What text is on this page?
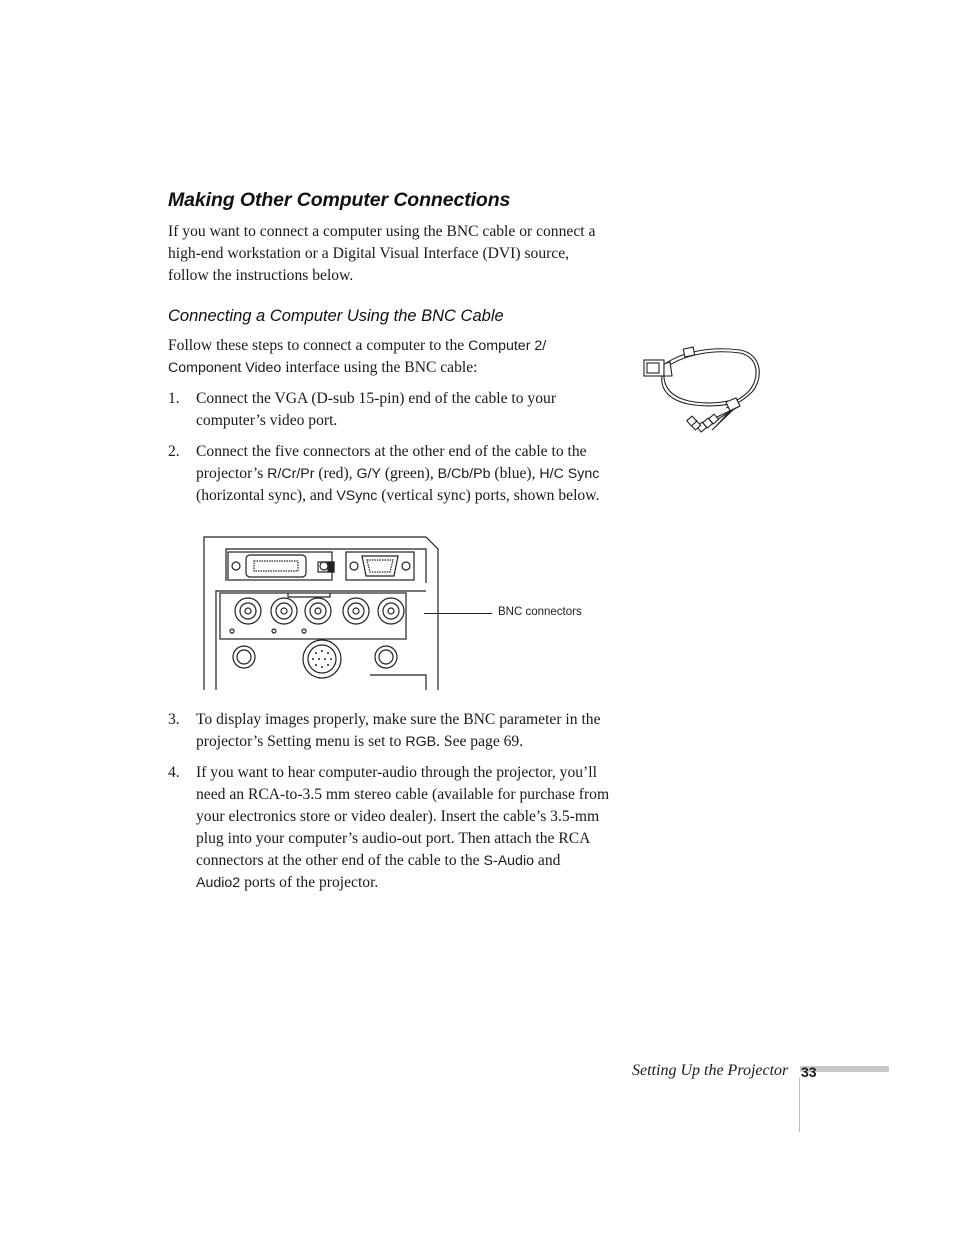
Making Other Computer Connections
If you want to connect a computer using the BNC cable or connect a
high-end workstation or a Digital Visual Interface (DVI) source,
follow the instructions below.
Connecting a Computer Using the BNC Cable
Follow these steps to connect a computer to the Computer 2/
Component Video interface using the BNC cable:
1.	Connect the VGA (D-sub 15-pin) end of the cable to your
computer’s video port.
2.	Connect the five connectors at the other end of the cable to the
projector’s R/Cr/Pr (red), G/Y (green), B/Cb/Pb (blue), H/C Sync
(horizontal sync), and VSync (vertical sync) ports, shown below.
BNC connectors
3.	To display images properly, make sure the BNC parameter in the
projector’s Setting menu is set to RGB. See page 69.
4.	If you want to hear computer-audio through the projector, you’ll
need an RCA-to-3.5 mm stereo cable (available for purchase from
your electronics store or video dealer). Insert the cable’s 3.5-mm
plug into your computer’s audio-out port. Then attach the RCA
connectors at the other end of the cable to the S-Audio and
Audio2 ports of the projector.
Setting Up the Projector 33
